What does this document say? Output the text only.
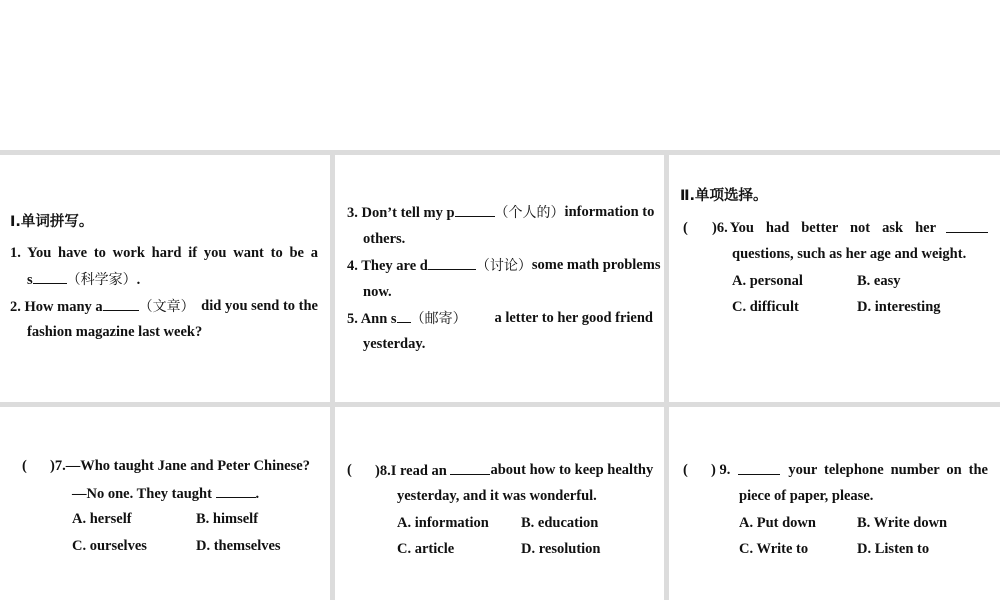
Ⅰ.单词拼写。
1. You have to work hard if you want to be a
s （科学家）.
2. How many a	（文章） did you send to the
fashion magazine last week?
3. Don’t tell my p	（个人的） information to
others.
4. They are d	（讨论） some math problems
now.
5. Ann s （邮寄） a letter to her good friend
yesterday.
Ⅱ.单项选择。
( )6. You had better not ask her
questions, such as her age and weight.
A. personal	B. easy
C. difficult	D. interesting
( )7.—Who taught Jane and Peter Chinese?
—No one. They taught	.
A. herself	B. himself
C. ourselves	D. themselves
( )8.I read an	about how to keep healthy
yesterday, and it was wonderful.
A. information B. education
C. article	D. resolution
( ) 9.	your telephone number on the
piece of paper, please.
A. Put down	B. Write down
C. Write to	D. Listen to
